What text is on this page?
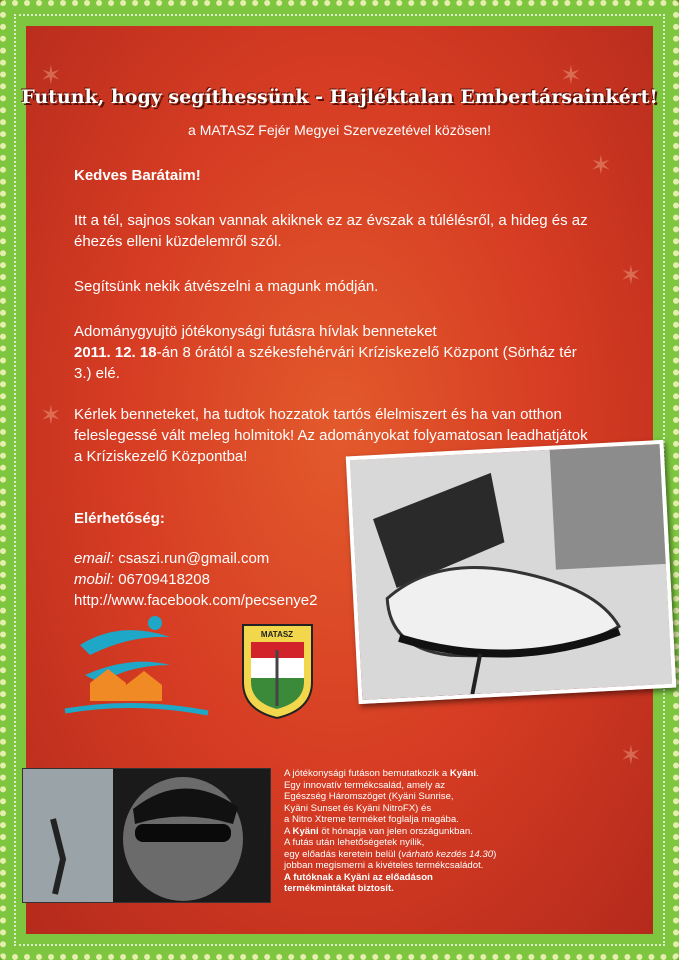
✶
✶
✶
✶
✶
✶
Futunk, hogy segíthessünk - Hajléktalan Embertársainkért!
a MATASZ Fejér Megyei Szervezetével közösen!
Kedves Barátaim!
Itt a tél, sajnos sokan vannak akiknek ez az évszak a túlélésről, a hideg és az éhezés elleni küzdelemről szól.
Segítsünk nekik átvészelni a magunk módján.
Adománygyujtö jótékonysági futásra hívlak benneteket
2011. 12. 18-án 8 órától a székesfehérvári Kríziskezelő Központ (Sörház tér 3.) elé.
Kérlek benneteket, ha tudtok hozzatok tartós élelmiszert és ha van otthon feleslegessé vált meleg holmitok! Az adományokat folyamatosan leadhatjátok a Kríziskezelő Központba!
Elérhetőség:

email: csaszi.run@gmail.com
mobil: 06709418208
http://www.facebook.com/pecsenye2
MATASZ
A jótékonysági futáson bemutatkozik a Kyäni.
Egy innovatív termékcsalád, amely az
Egészség Háromszöget (Kyäni Sunrise,
Kyäni Sunset és Kyäni NitroFX) és
a Nitro Xtreme terméket foglalja magába.
A Kyäni öt hónapja van jelen országunkban.
A futás után lehetőségetek nyílik,
egy előadás keretein belül (várható kezdés 14.30)
jobban megismerni a kivételes termékcsaládot.
A futóknak a Kyäni az előadáson
termékmintákat biztosít.
